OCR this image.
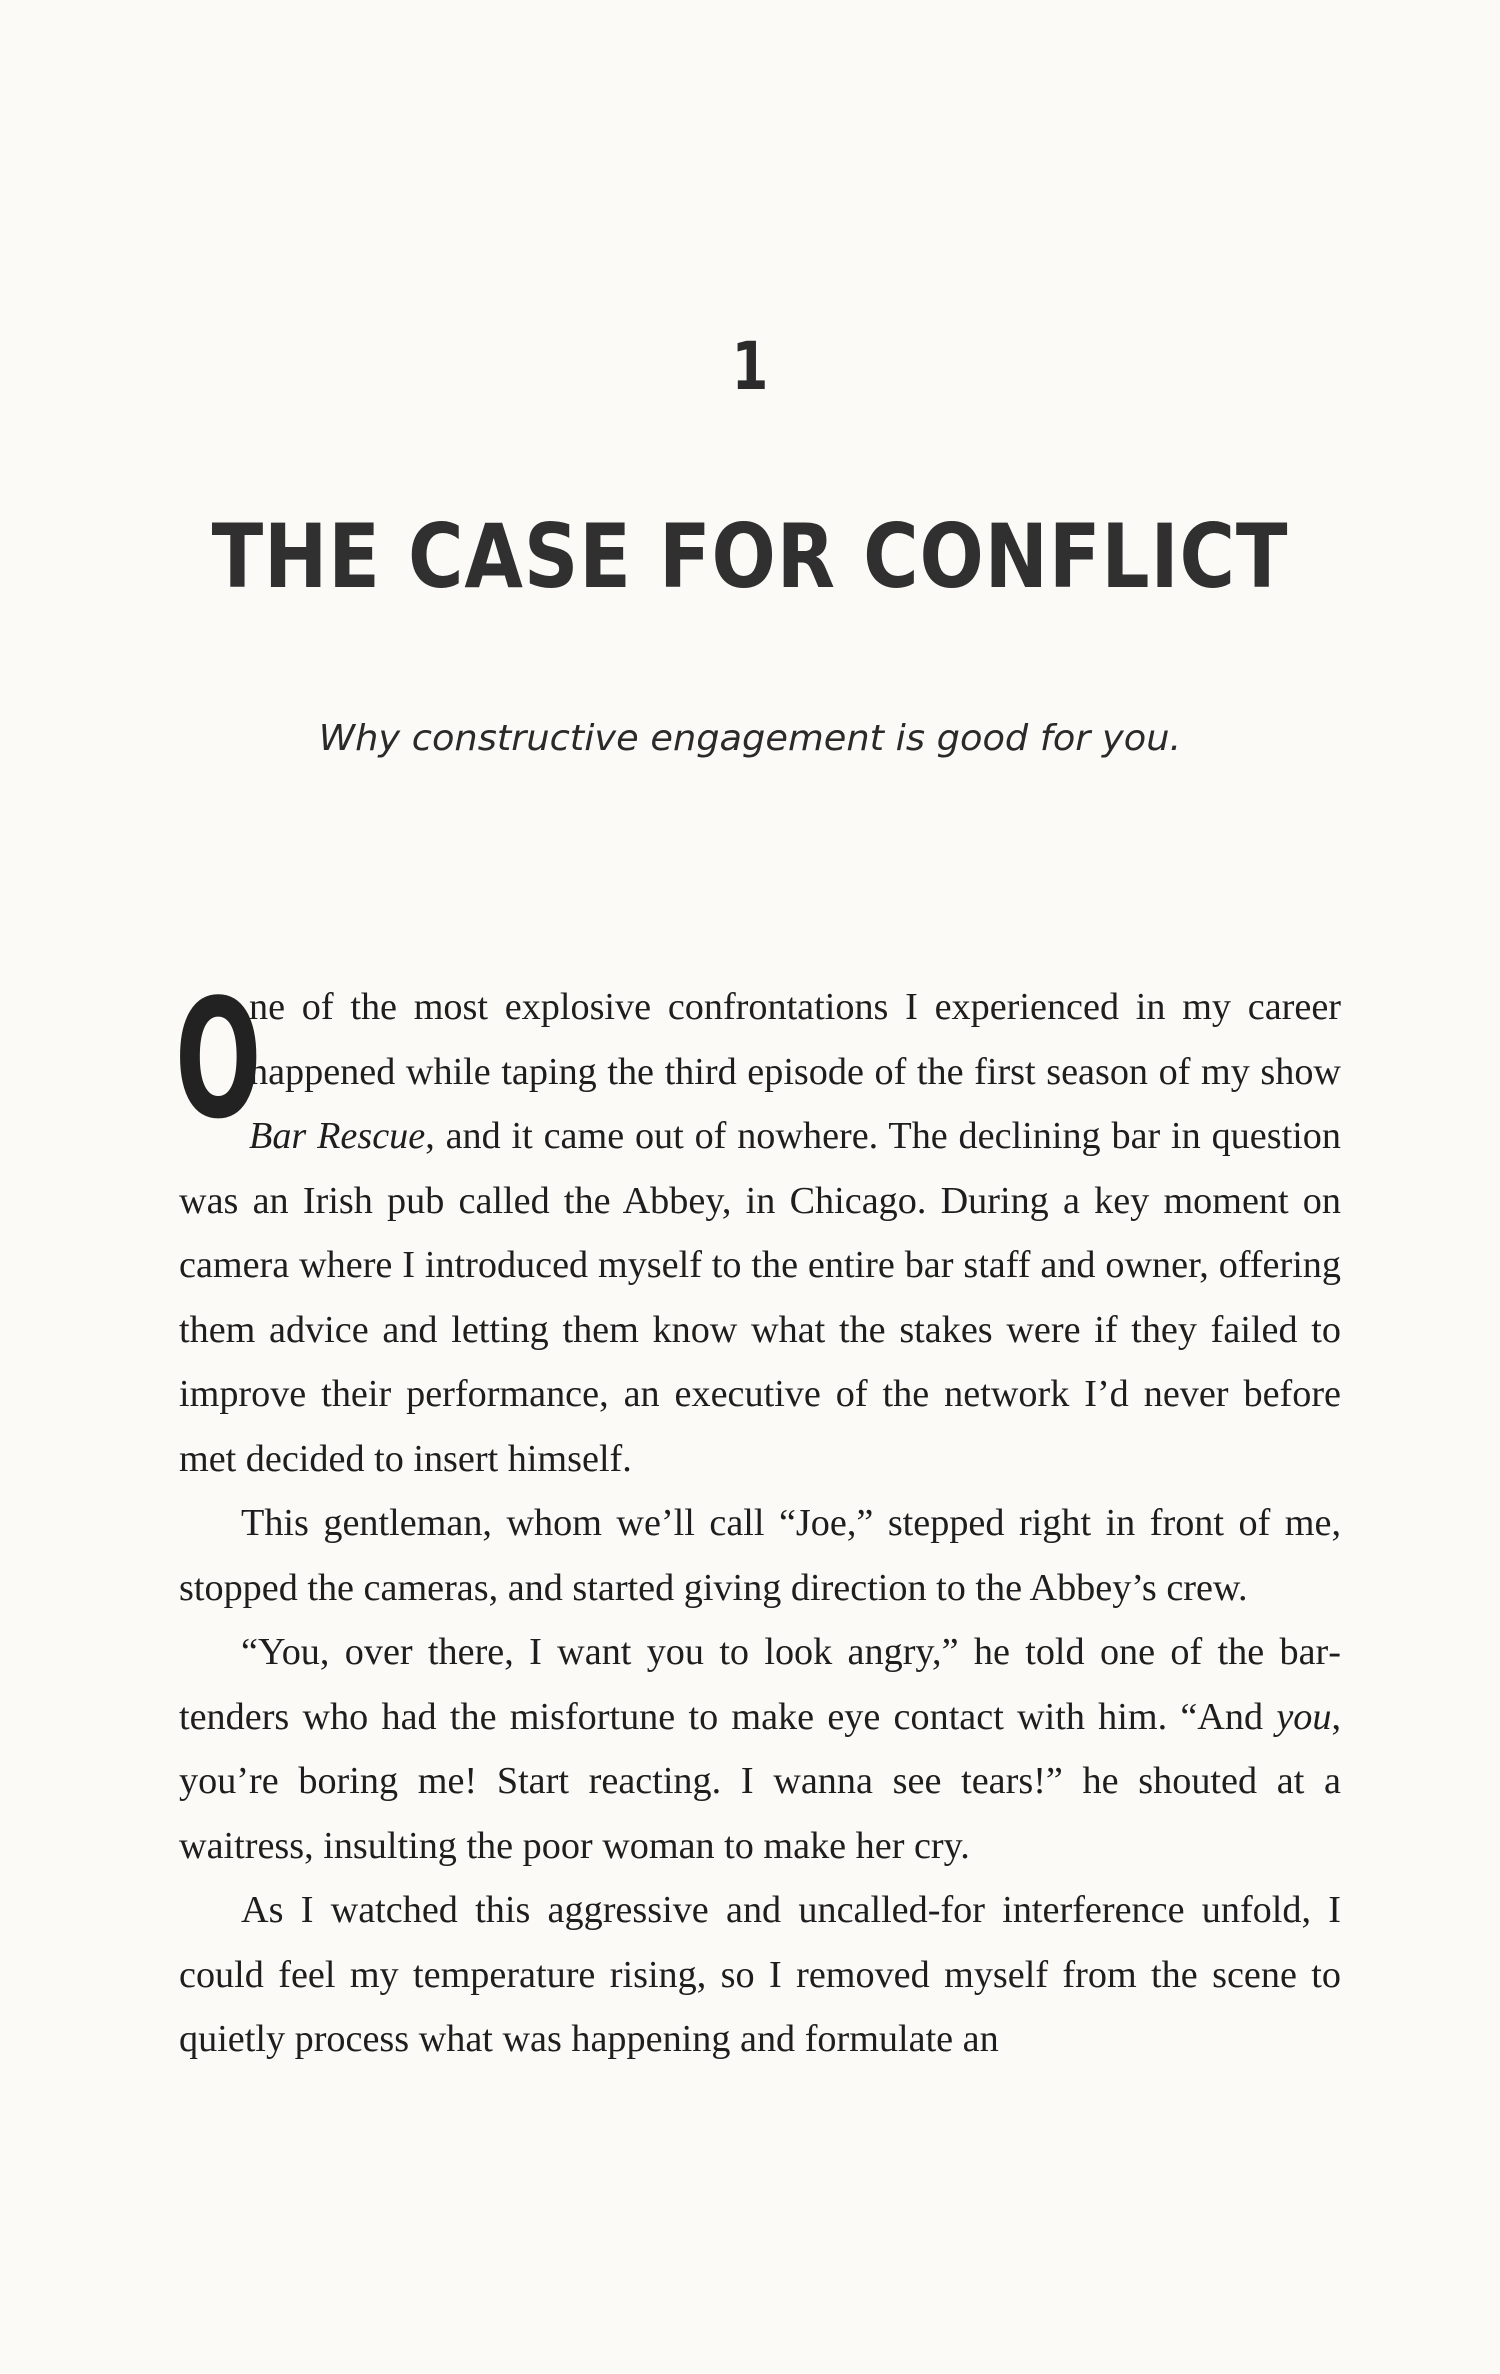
1
THE CASE FOR CONFLICT
Why constructive engagement is good for you.

O
ne of the most explosive confrontations I experienced in my career happened while taping the third episode of the first season of my show Bar Rescue, and it came out of nowhere. The declining bar in question was an Irish pub called the Abbey, in Chicago. During a key moment on camera where I introduced myself to the entire bar staff and owner, offering them advice and letting them know what the stakes were if they failed to improve their performance, an executive of the network I’d never before met decided to insert himself.

This gentleman, whom we’ll call “Joe,” stepped right in front of me, stopped the cameras, and started giving direction to the Abbey’s crew.

“You, over there, I want you to look angry,” he told one of the bartenders who had the misfortune to make eye contact with him. “And you, you’re boring me! Start reacting. I wanna see tears!” he shouted at a waitress, insulting the poor woman to make her cry.

As I watched this aggressive and uncalled-for interference unfold, I could feel my temperature rising, so I removed myself from the scene to quietly process what was happening and formulate an
